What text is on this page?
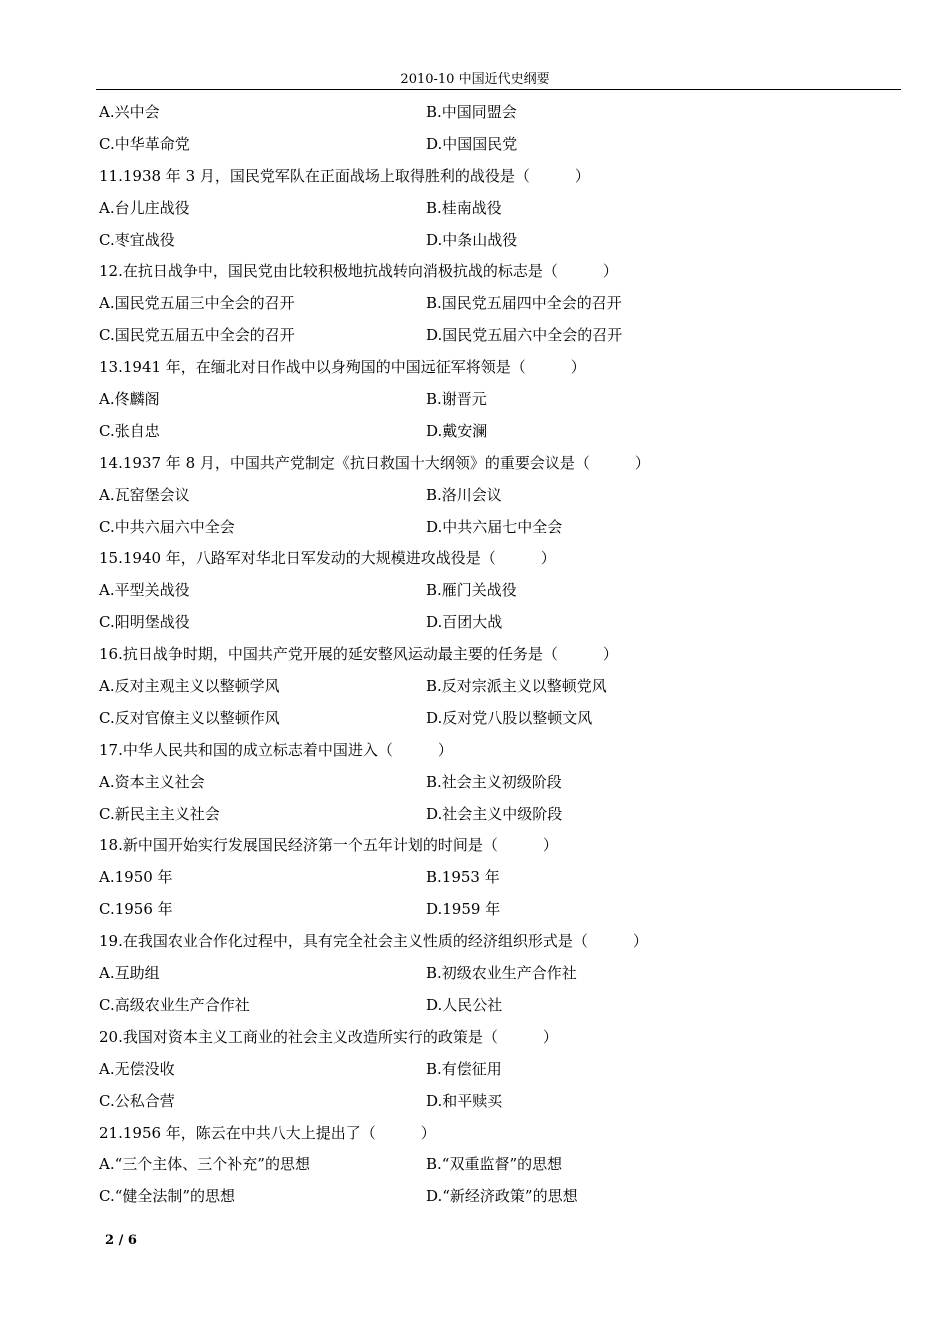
2010-10 中国近代史纲要
A.兴中会	B.中国同盟会
C.中华革命党	D.中国国民党
11.1938 年 3 月，国民党军队在正面战场上取得胜利的战役是（　　　）
A.台儿庄战役	B.桂南战役
C.枣宜战役	D.中条山战役
12.在抗日战争中，国民党由比较积极地抗战转向消极抗战的标志是（　　　）
A.国民党五届三中全会的召开	B.国民党五届四中全会的召开
C.国民党五届五中全会的召开	D.国民党五届六中全会的召开
13.1941 年，在缅北对日作战中以身殉国的中国远征军将领是（　　　）
A.佟麟阁	B.谢晋元
C.张自忠	D.戴安澜
14.1937 年 8 月，中国共产党制定《抗日救国十大纲领》的重要会议是（　　　）
A.瓦窑堡会议	B.洛川会议
C.中共六届六中全会	D.中共六届七中全会
15.1940 年，八路军对华北日军发动的大规模进攻战役是（　　　）
A.平型关战役	B.雁门关战役
C.阳明堡战役	D.百团大战
16.抗日战争时期，中国共产党开展的延安整风运动最主要的任务是（　　　）
A.反对主观主义以整顿学风	B.反对宗派主义以整顿党风
C.反对官僚主义以整顿作风	D.反对党八股以整顿文风
17.中华人民共和国的成立标志着中国进入（　　　）
A.资本主义社会	B.社会主义初级阶段
C.新民主主义社会	D.社会主义中级阶段
18.新中国开始实行发展国民经济第一个五年计划的时间是（　　　）
A.1950 年	B.1953 年
C.1956 年	D.1959 年
19.在我国农业合作化过程中，具有完全社会主义性质的经济组织形式是（　　　）
A.互助组	B.初级农业生产合作社
C.高级农业生产合作社	D.人民公社
20.我国对资本主义工商业的社会主义改造所实行的政策是（　　　）
A.无偿没收	B.有偿征用
C.公私合营	D.和平赎买
21.1956 年，陈云在中共八大上提出了（　　　）
A.“三个主体、三个补充”的思想	B.“双重监督”的思想
C.“健全法制”的思想	D.“新经济政策”的思想
2 / 6
